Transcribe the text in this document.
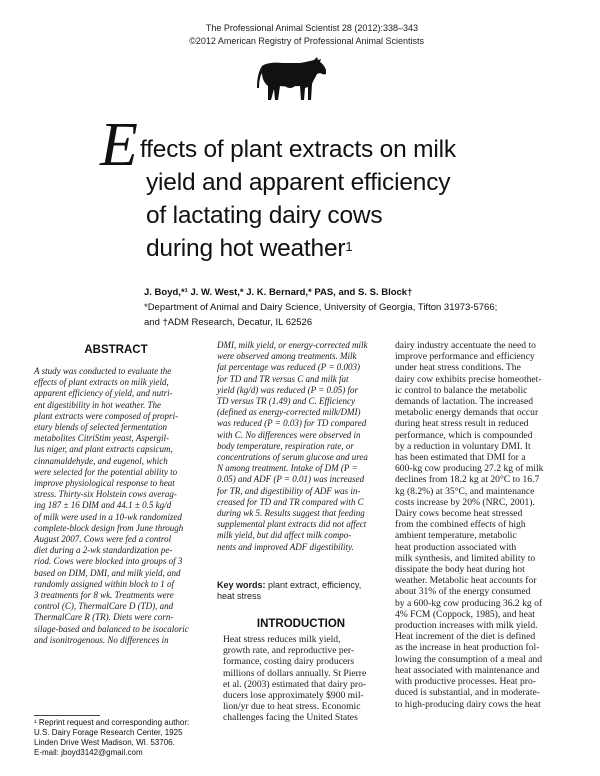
The Professional Animal Scientist 28 (2012):338–343
©2012 American Registry of Professional Animal Scientists
E ffects of plant extracts on milk
yield and apparent efficiency
of lactating dairy cows
during hot weather$^1$
J. Boyd,*¹ J. W. West,* J. K. Bernard,* PAS, and S. S. Block†
*Department of Animal and Dairy Science, University of Georgia, Tifton 31973-5766;
and †ADM Research, Decatur, IL 62526
ABSTRACT
A study was conducted to evaluate the
effects of plant extracts on milk yield,
apparent efficiency of yield, and nutri-
ent digestibility in hot weather. The
plant extracts were composed of propri-
etary blends of selected fermentation
metabolites CitriStim yeast, Aspergil-
lus niger, and plant extracts capsicum,
cinnamaldehyde, and eugenol, which
were selected for the potential ability to
improve physiological response to heat
stress. Thirty-six Holstein cows averag-
ing 187 ± 16 DIM and 44.1 ± 0.5 kg/d
of milk were used in a 10-wk randomized
complete-block design from June through
August 2007. Cows were fed a control
diet during a 2-wk standardization pe-
riod. Cows were blocked into groups of 3
based on DIM, DMI, and milk yield, and
randomly assigned within block to 1 of
3 treatments for 8 wk. Treatments were
control (C), ThermalCare D (TD), and
ThermalCare R (TR). Diets were corn-
silage-based and balanced to be isocaloric
and isonitrogenous. No differences in
DMI, milk yield, or energy-corrected milk
were observed among treatments. Milk
fat percentage was reduced (P = 0.003)
for TD and TR versus C and milk fat
yield (kg/d) was reduced (P = 0.05) for
TD versus TR (1.49) and C. Efficiency
(defined as energy-corrected milk/DMI)
was reduced (P = 0.03) for TD compared
with C. No differences were observed in
body temperature, respiration rate, or
concentrations of serum glucose and urea
N among treatment. Intake of DM (P =
0.05) and ADF (P = 0.01) was increased
for TR, and digestibility of ADF was in-
creased for TD and TR compared with C
during wk 5. Results suggest that feeding
supplemental plant extracts did not affect
milk yield, but did affect milk compo-
nents and improved ADF digestibility.
Key words: plant extract, efficiency,
heat stress
INTRODUCTION
Heat stress reduces milk yield,
growth rate, and reproductive per-
formance, costing dairy producers
millions of dollars annually. St Pierre
et al. (2003) estimated that dairy pro-
ducers lose approximately $900 mil-
lion/yr due to heat stress. Economic
challenges facing the United States
dairy industry accentuate the need to
improve performance and efficiency
under heat stress conditions. The
dairy cow exhibits precise homeothet-
ic control to balance the metabolic
demands of lactation. The increased
metabolic energy demands that occur
during heat stress result in reduced
performance, which is compounded
by a reduction in voluntary DMI. It
has been estimated that DMI for a
600-kg cow producing 27.2 kg of milk
declines from 18.2 kg at 20°C to 16.7
kg (8.2%) at 35°C, and maintenance
costs increase by 20% (NRC, 2001).
Dairy cows become heat stressed
from the combined effects of high
ambient temperature, metabolic
heat production associated with
milk synthesis, and limited ability to
dissipate the body heat during hot
weather. Metabolic heat accounts for
about 31% of the energy consumed
by a 600-kg cow producing 36.2 kg of
4% FCM (Coppock, 1985), and heat
production increases with milk yield.
Heat increment of the diet is defined
as the increase in heat production fol-
lowing the consumption of a meal and
heat associated with maintenance and
with productive processes. Heat pro-
duced is substantial, and in moderate-
to high-producing dairy cows the heat
¹ Reprint request and corresponding author:
U.S. Dairy Forage Research Center, 1925
Linden Drive West Madison, WI. 53706.
E-mail: jboyd3142@gmail.com
